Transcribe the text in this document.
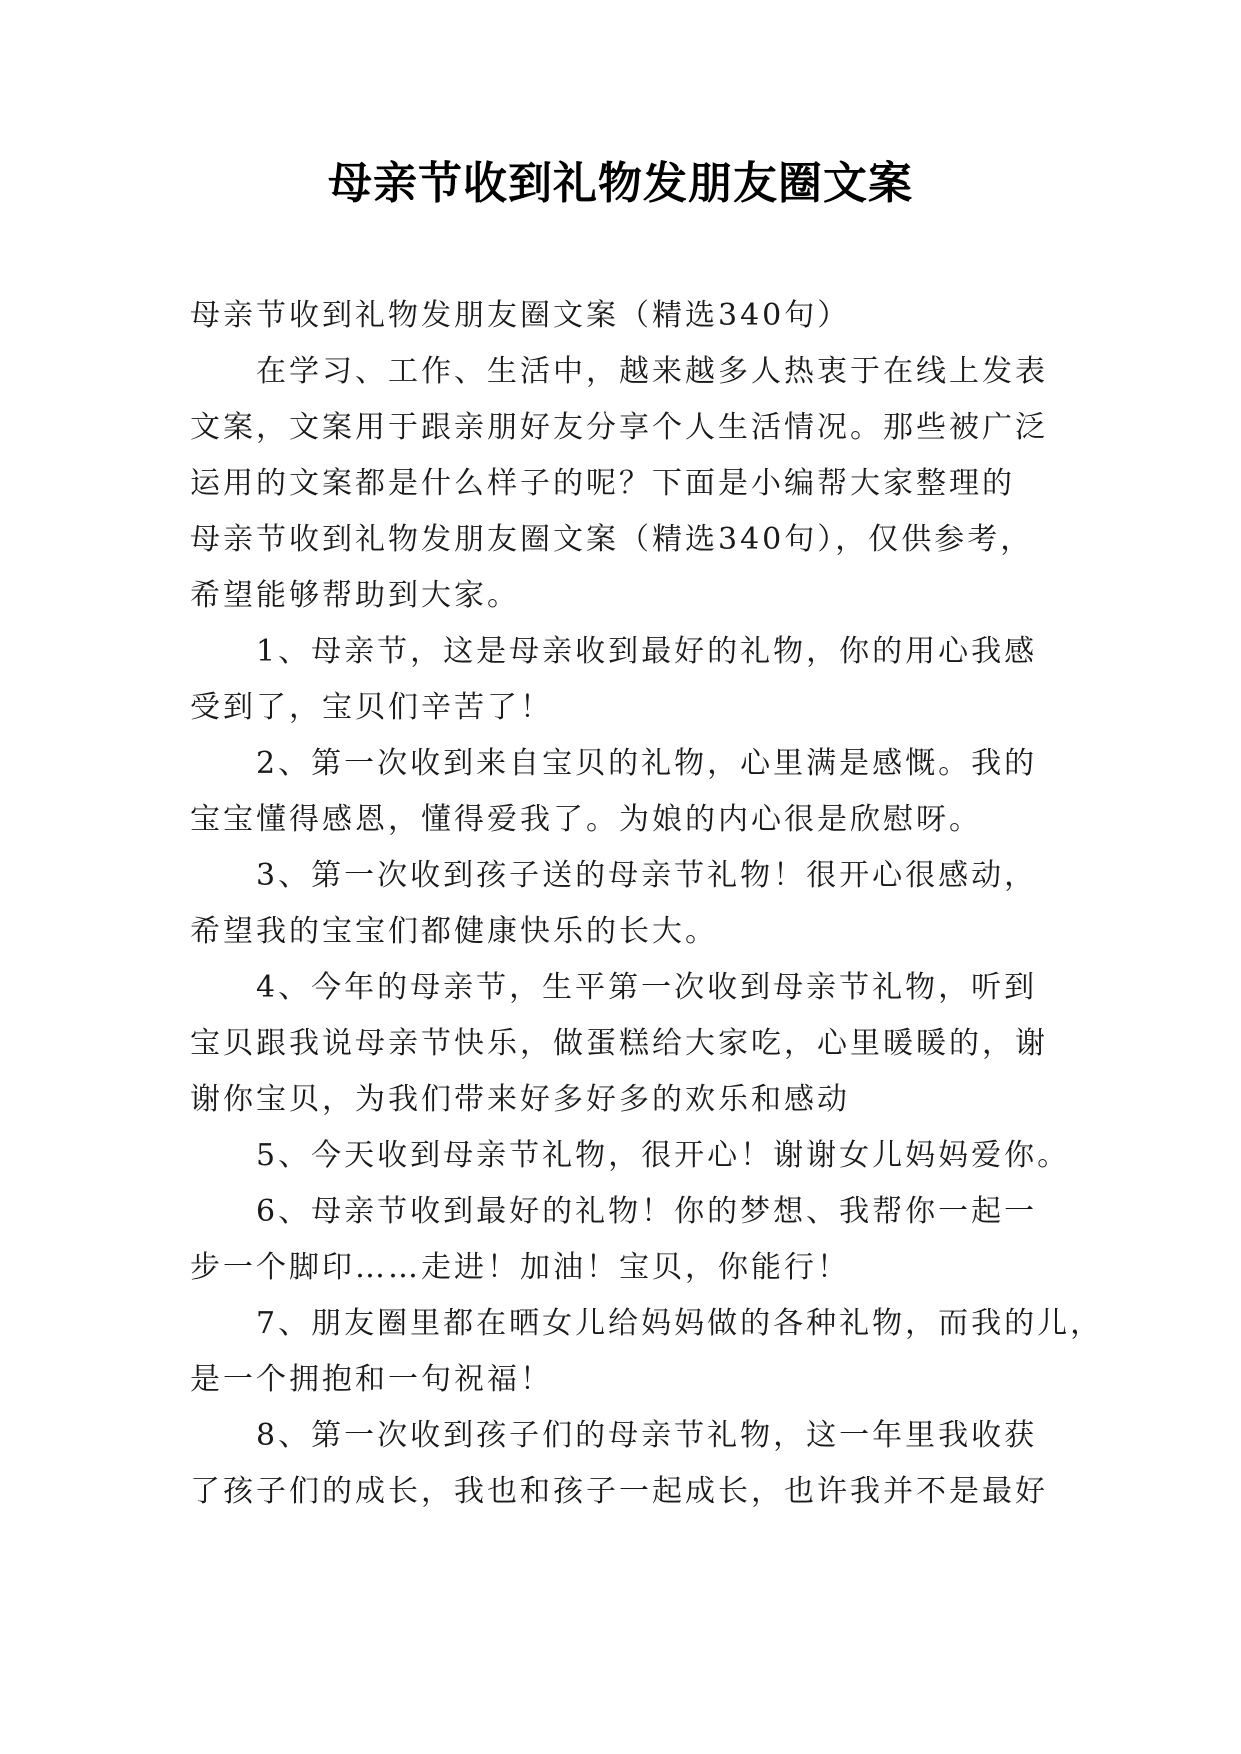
母亲节收到礼物发朋友圈文案
母亲节收到礼物发朋友圈文案（精选340句）
在学习、工作、生活中，越来越多人热衷于在线上发表
文案，文案用于跟亲朋好友分享个人生活情况。那些被广泛
运用的文案都是什么样子的呢？下面是小编帮大家整理的
母亲节收到礼物发朋友圈文案（精选340句），仅供参考，
希望能够帮助到大家。
1、母亲节，这是母亲收到最好的礼物，你的用心我感
受到了，宝贝们辛苦了！
2、第一次收到来自宝贝的礼物，心里满是感慨。我的
宝宝懂得感恩，懂得爱我了。为娘的内心很是欣慰呀。
3、第一次收到孩子送的母亲节礼物！很开心很感动，
希望我的宝宝们都健康快乐的长大。
4、今年的母亲节，生平第一次收到母亲节礼物，听到
宝贝跟我说母亲节快乐，做蛋糕给大家吃，心里暖暖的，谢
谢你宝贝，为我们带来好多好多的欢乐和感动
5、今天收到母亲节礼物，很开心！谢谢女儿妈妈爱你。
6、母亲节收到最好的礼物！你的梦想、我帮你一起一
步一个脚印……走进！加油！宝贝，你能行！
7、朋友圈里都在晒女儿给妈妈做的各种礼物，而我的儿，
是一个拥抱和一句祝福！
8、第一次收到孩子们的母亲节礼物，这一年里我收获
了孩子们的成长，我也和孩子一起成长，也许我并不是最好
